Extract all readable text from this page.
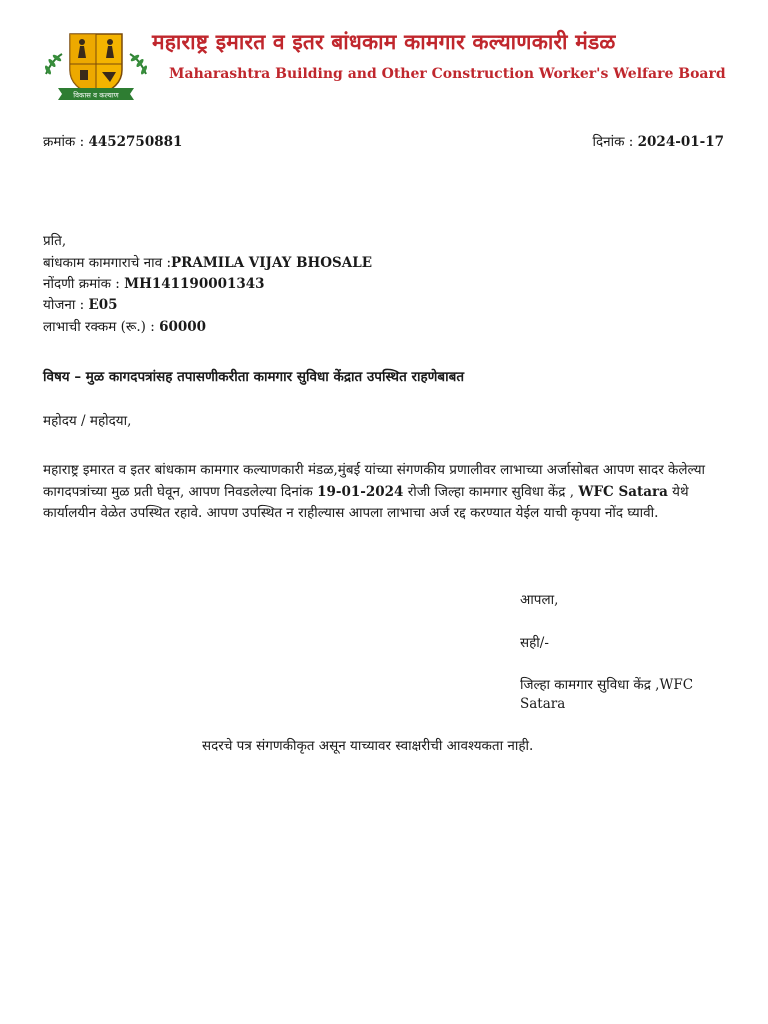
विकास व कल्याण
महाराष्ट्र इमारत व इतर बांधकाम कामगार कल्याणकारी मंडळ
Maharashtra Building and Other Construction Worker's Welfare Board
क्रमांक : 4452750881	दिनांक : 2024-01-17
प्रति,
बांधकाम कामगाराचे नाव :PRAMILA VIJAY BHOSALE
नोंदणी क्रमांक : MH141190001343
योजना : E05
लाभाची रक्कम (रू.) : 60000
विषय – मुळ कागदपत्रांसह तपासणीकरीता कामगार सुविधा केंद्रात उपस्थित राहणेबाबत
महोदय / महोदया,
महाराष्ट्र इमारत व इतर बांधकाम कामगार कल्याणकारी मंडळ,मुंबई यांच्या संगणकीय प्रणालीवर लाभाच्या अर्जासोबत आपण सादर केलेल्या कागदपत्रांच्या मुळ प्रती घेवून, आपण निवडलेल्या दिनांक 19-01-2024 रोजी जिल्हा कामगार सुविधा केंद्र , WFC Satara येथे कार्यालयीन वेळेत उपस्थित रहावे. आपण उपस्थित न राहील्यास आपला लाभाचा अर्ज रद्द करण्यात येईल याची कृपया नोंद घ्यावी.
आपला,
सही/-
जिल्हा कामगार सुविधा केंद्र ,WFC
Satara
सदरचे पत्र संगणकीकृत असून याच्यावर स्वाक्षरीची आवश्यकता नाही.
